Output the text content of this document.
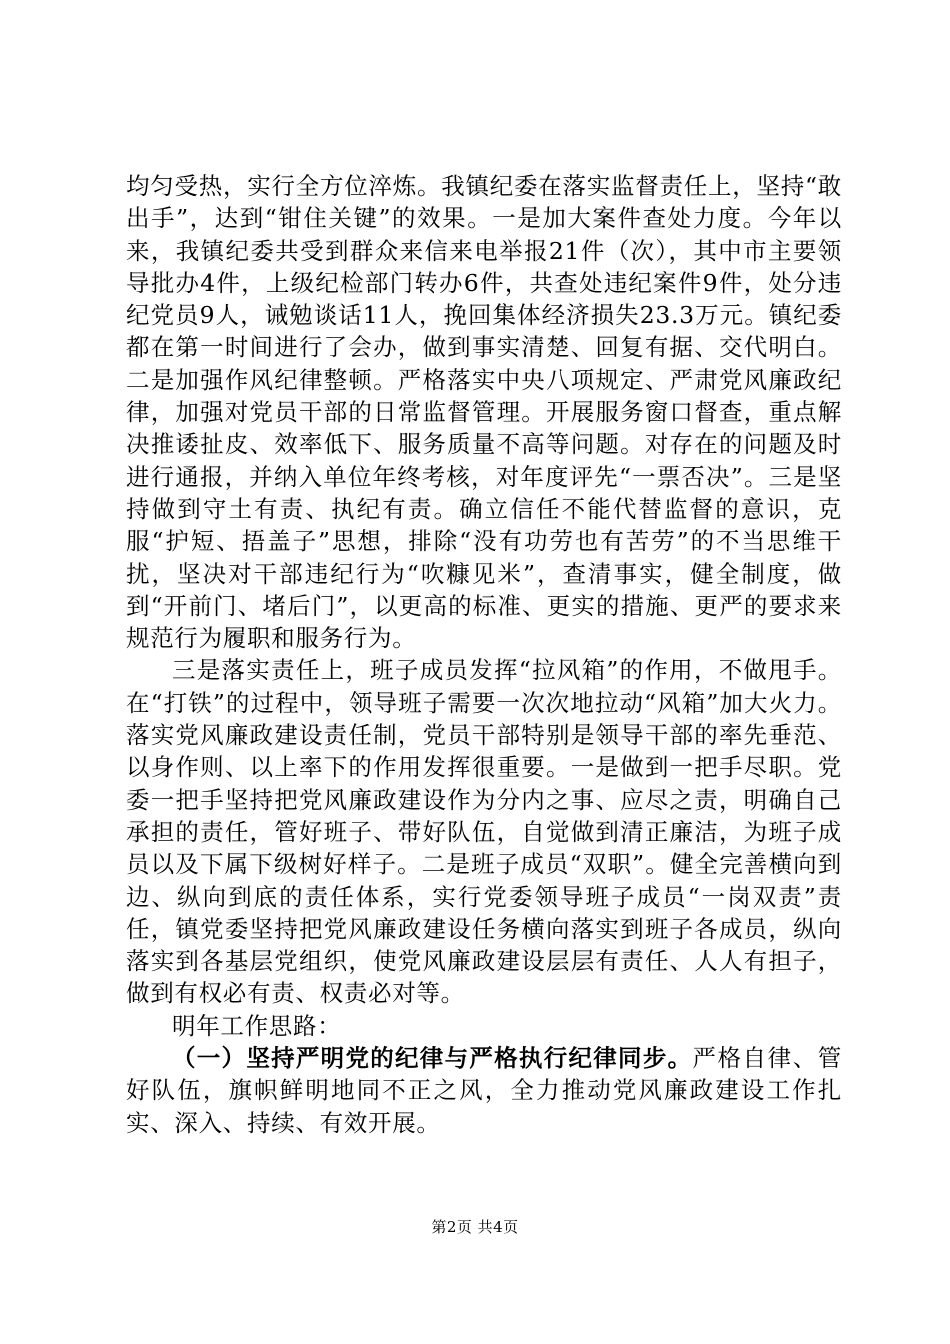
均匀受热，实行全方位淬炼。我镇纪委在落实监督责任上，坚持“敢出手”，达到“钳住关键”的效果。一是加大案件查处力度。今年以来，我镇纪委共受到群众来信来电举报21件（次），其中市主要领导批办4件，上级纪检部门转办6件，共查处违纪案件9件，处分违纪党员9人，诫勉谈话11人，挽回集体经济损失23.3万元。镇纪委都在第一时间进行了会办，做到事实清楚、回复有据、交代明白。二是加强作风纪律整顿。严格落实中央八项规定、严肃党风廉政纪律，加强对党员干部的日常监督管理。开展服务窗口督查，重点解决推诿扯皮、效率低下、服务质量不高等问题。对存在的问题及时进行通报，并纳入单位年终考核，对年度评先“一票否决”。三是坚持做到守土有责、执纪有责。确立信任不能代替监督的意识，克服“护短、捂盖子”思想，排除“没有功劳也有苦劳”的不当思维干扰，坚决对干部违纪行为“吹糠见米”，查清事实，健全制度，做到“开前门、堵后门”，以更高的标准、更实的措施、更严的要求来规范行为履职和服务行为。

三是落实责任上，班子成员发挥“拉风箱”的作用，不做甩手。在“打铁”的过程中，领导班子需要一次次地拉动“风箱”加大火力。落实党风廉政建设责任制，党员干部特别是领导干部的率先垂范、以身作则、以上率下的作用发挥很重要。一是做到一把手尽职。党委一把手坚持把党风廉政建设作为分内之事、应尽之责，明确自己承担的责任，管好班子、带好队伍，自觉做到清正廉洁，为班子成员以及下属下级树好样子。二是班子成员“双职”。健全完善横向到边、纵向到底的责任体系，实行党委领导班子成员“一岗双责”责任，镇党委坚持把党风廉政建设任务横向落实到班子各成员，纵向落实到各基层党组织，使党风廉政建设层层有责任、人人有担子，做到有权必有责、权责必对等。

明年工作思路：

（一）坚持严明党的纪律与严格执行纪律同步。严格自律、管好队伍，旗帜鲜明地同不正之风，全力推动党风廉政建设工作扎实、深入、持续、有效开展。

第2页 共4页
